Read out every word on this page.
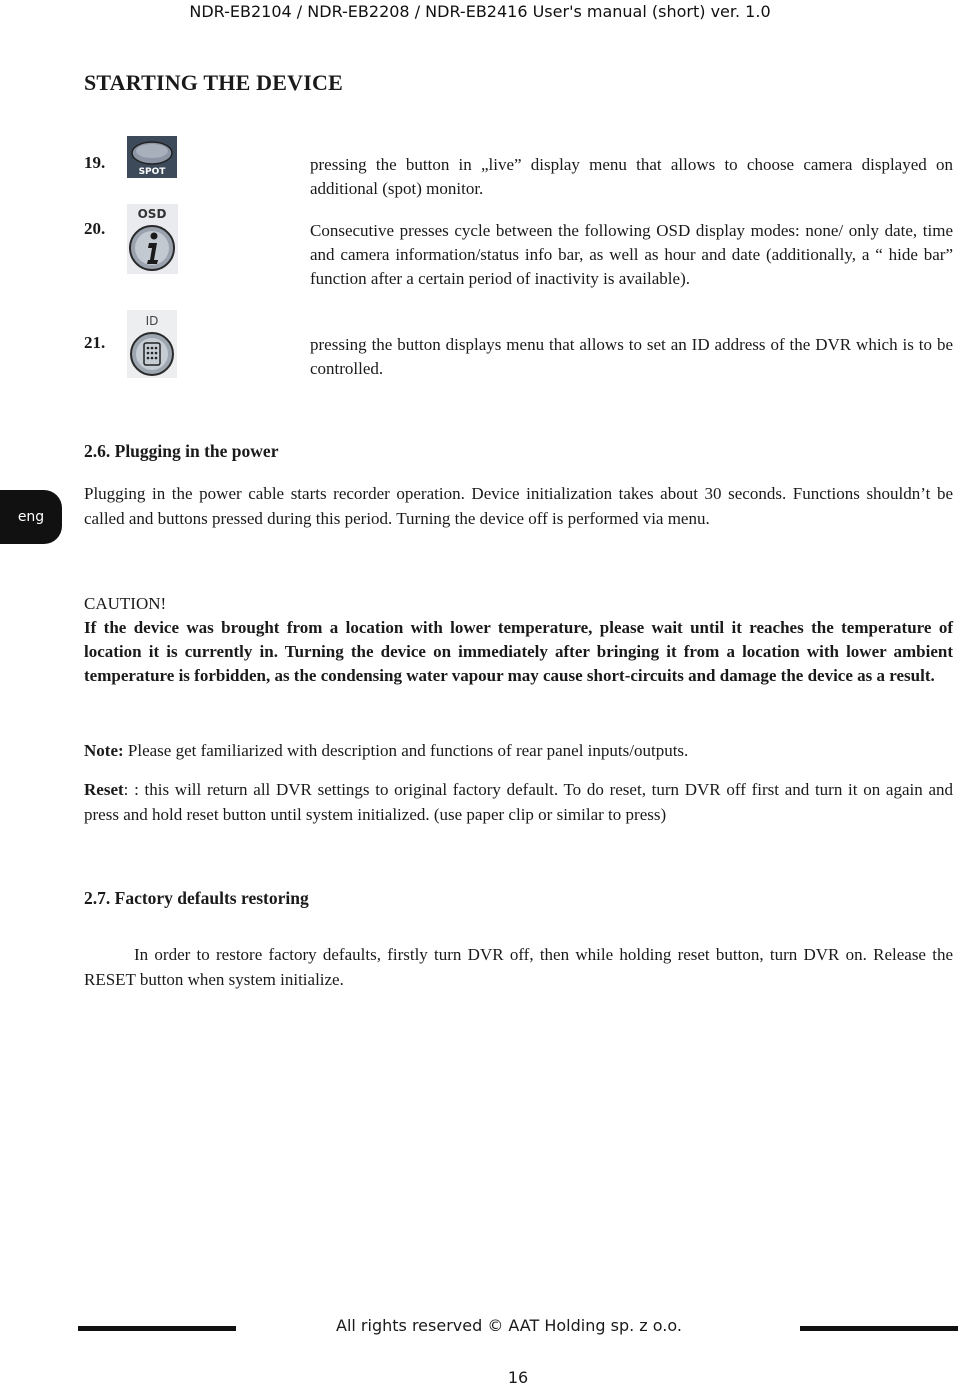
NDR-EB2104 / NDR-EB2208 / NDR-EB2416 User's manual (short) ver. 1.0
STARTING THE DEVICE
19.	SPOT	pressing the button in „live” display menu that allows to choose camera displayed on additional (spot) monitor.
20.
OSD
Consecutive presses cycle between the following OSD display modes: none/ only date, time and camera information/status info bar, as well as hour and date (additionally, a “ hide bar” function after a certain period of inactivity is available).
21.
ID
pressing the button displays menu that allows to set an ID address of the DVR which is to be controlled.
eng
2.6. Plugging in the power
Plugging in the power cable starts recorder operation. Device initialization takes about 30 seconds. Functions shouldn’t be called and buttons pressed during this period. Turning the device off is performed via menu.
CAUTION!
If the device was brought from a location with lower temperature, please wait until it reaches the temperature of location it is currently in. Turning the device on immediately after bringing it from a location with lower ambient temperature is forbidden, as the condensing water vapour may cause short-circuits and damage the device as a result.
Note: Please get familiarized with description and functions of rear panel inputs/outputs.
Reset: : this will return all DVR settings to original factory default. To do reset, turn DVR off first and turn it on again and press and hold reset button until system initialized. (use paper clip or similar to press)
2.7. Factory defaults restoring
In order to restore factory defaults, firstly turn DVR off, then while holding reset button, turn DVR on. Release the RESET button when system initialize.
All rights reserved © AAT Holding sp. z o.o.
16
